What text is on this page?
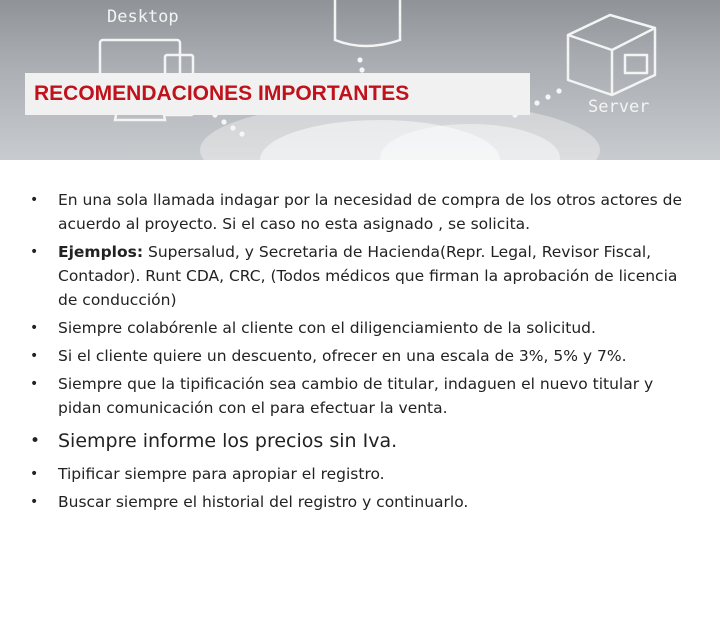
Desktop
Server
RECOMENDACIONES IMPORTANTES
•	En una sola llamada indagar por la necesidad de compra de los otros actores de acuerdo al proyecto. Si el caso no esta asignado , se solicita.
•	Ejemplos: Supersalud, y Secretaria de Hacienda(Repr. Legal, Revisor Fiscal, Contador). Runt CDA, CRC, (Todos médicos que firman la aprobación de licencia de conducción)
•	Siempre colabórenle al cliente con el diligenciamiento de la solicitud.
•	Si el cliente quiere un descuento, ofrecer en una escala de 3%, 5% y 7%.
•	Siempre que la tipificación sea cambio de titular, indaguen el nuevo titular y pidan comunicación con el para efectuar la venta.
• Siempre informe los precios sin Iva.
•	Tipificar siempre para apropiar el registro.
•	Buscar siempre el historial del registro y continuarlo.
